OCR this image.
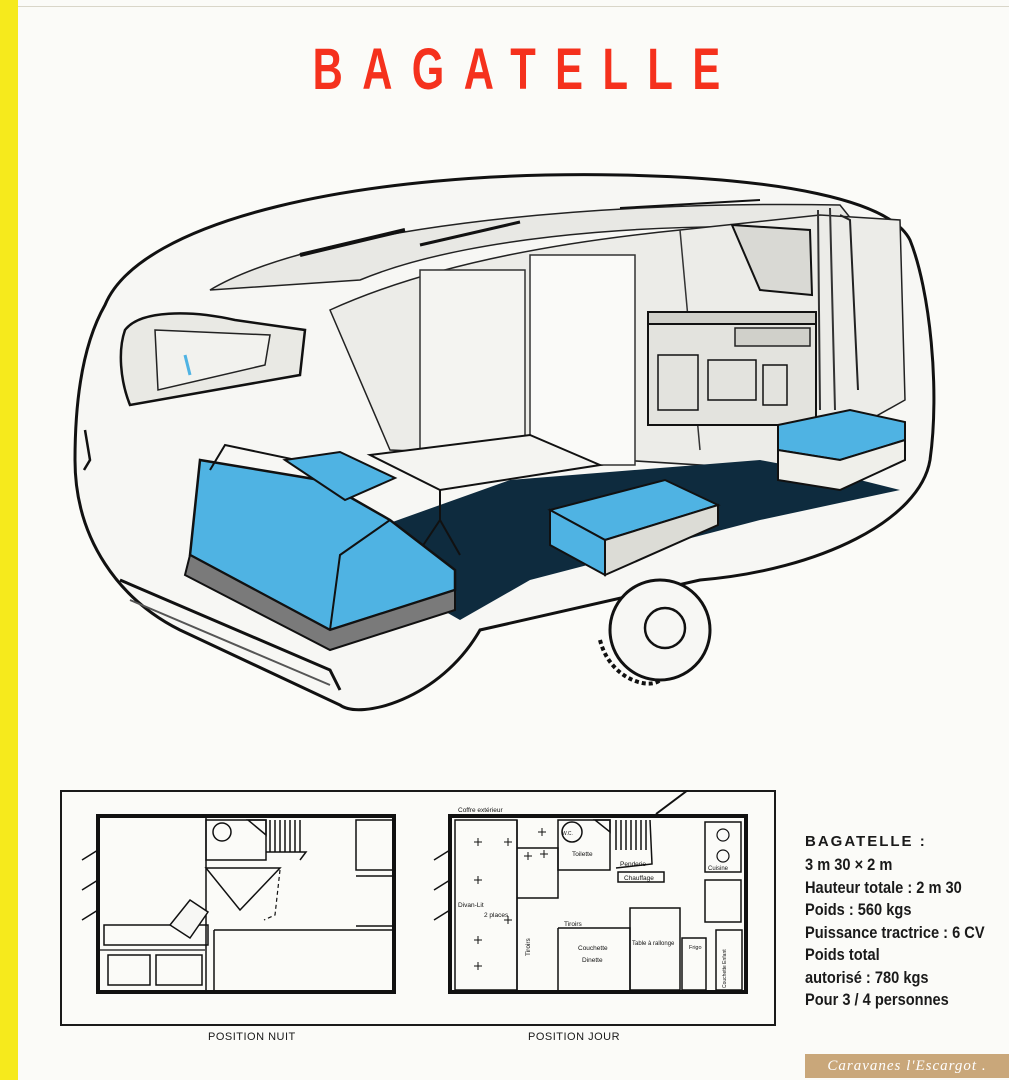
BAGATELLE
Coffre extérieur
W.C.
Toilette
Penderie
Chauffage
Cuisine
Divan-Lit
2 places
Tiroirs
Tiroirs
Couchette
Dinette
Table à rallonge
Frigo
Couchette Enfant
POSITION NUIT	POSITION JOUR
BAGATELLE :
3 m 30 × 2 m
Hauteur totale : 2 m 30
Poids : 560 kgs
Puissance tractrice : 6 CV
Poids total
autorisé : 780 kgs
Pour 3 / 4 personnes
Caravanes l'Escargot .
